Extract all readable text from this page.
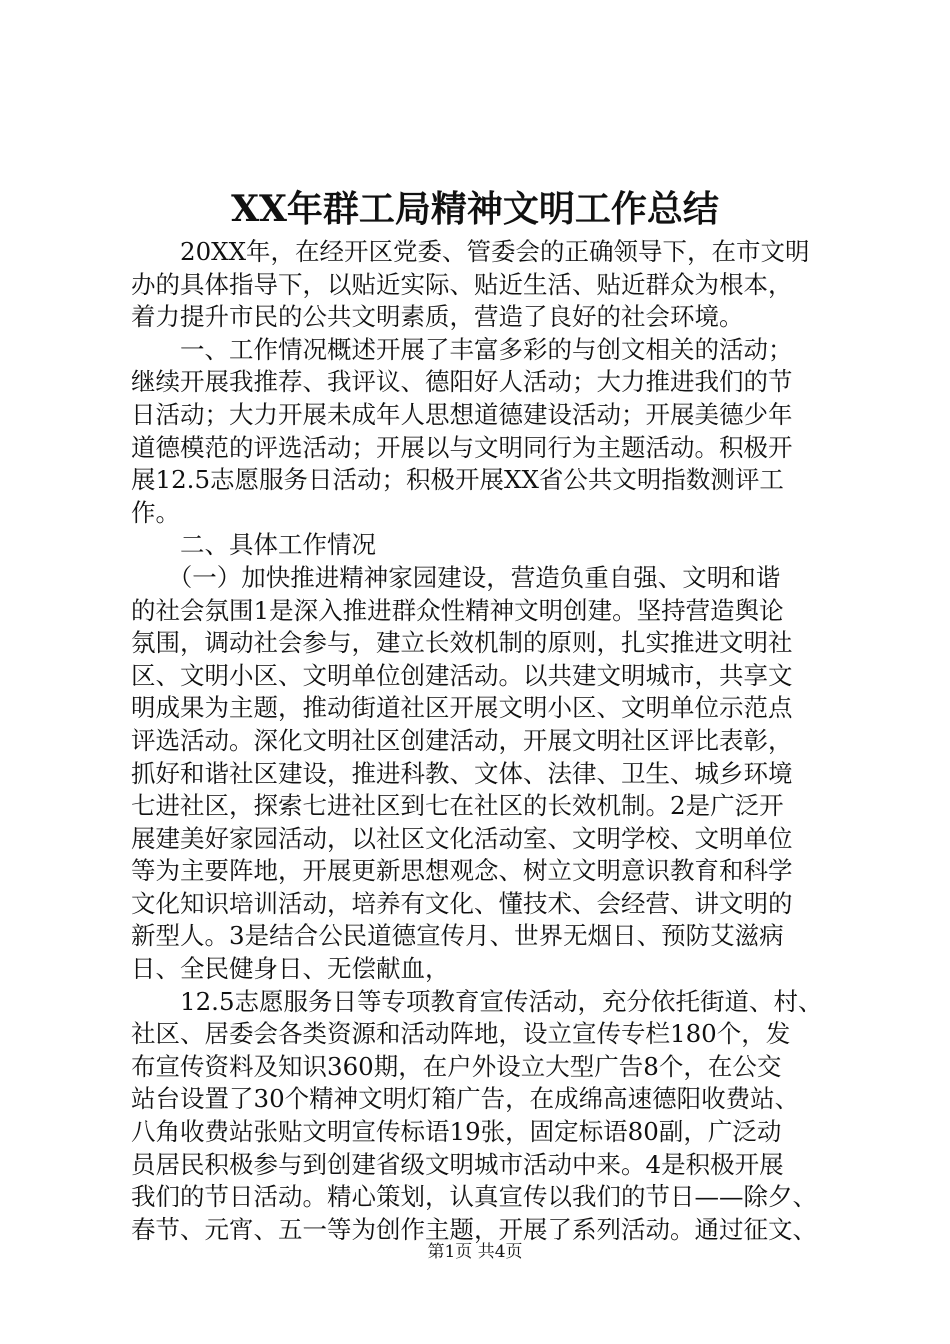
XX年群工局精神文明工作总结
　　20XX年，在经开区党委、管委会的正确领导下，在市文明
办的具体指导下，以贴近实际、贴近生活、贴近群众为根本，
着力提升市民的公共文明素质，营造了良好的社会环境。
　　一、工作情况概述开展了丰富多彩的与创文相关的活动；
继续开展我推荐、我评议、德阳好人活动；大力推进我们的节
日活动；大力开展未成年人思想道德建设活动；开展美德少年
道德模范的评选活动；开展以与文明同行为主题活动。积极开
展12.5志愿服务日活动；积极开展XX省公共文明指数测评工
作。
　　二、具体工作情况
　　（一）加快推进精神家园建设，营造负重自强、文明和谐
的社会氛围1是深入推进群众性精神文明创建。坚持营造舆论
氛围，调动社会参与，建立长效机制的原则，扎实推进文明社
区、文明小区、文明单位创建活动。以共建文明城市，共享文
明成果为主题，推动街道社区开展文明小区、文明单位示范点
评选活动。深化文明社区创建活动，开展文明社区评比表彰，
抓好和谐社区建设，推进科教、文体、法律、卫生、城乡环境
七进社区，探索七进社区到七在社区的长效机制。2是广泛开
展建美好家园活动，以社区文化活动室、文明学校、文明单位
等为主要阵地，开展更新思想观念、树立文明意识教育和科学
文化知识培训活动，培养有文化、懂技术、会经营、讲文明的
新型人。3是结合公民道德宣传月、世界无烟日、预防艾滋病
日、全民健身日、无偿献血，
　　12.5志愿服务日等专项教育宣传活动，充分依托街道、村、
社区、居委会各类资源和活动阵地，设立宣传专栏180个，发
布宣传资料及知识360期，在户外设立大型广告8个，在公交
站台设置了30个精神文明灯箱广告，在成绵高速德阳收费站、
八角收费站张贴文明宣传标语19张，固定标语80副，广泛动
员居民积极参与到创建省级文明城市活动中来。4是积极开展
我们的节日活动。精心策划，认真宣传以我们的节日——除夕、
春节、元宵、五一等为创作主题，开展了系列活动。通过征文、
第1页 共4页
